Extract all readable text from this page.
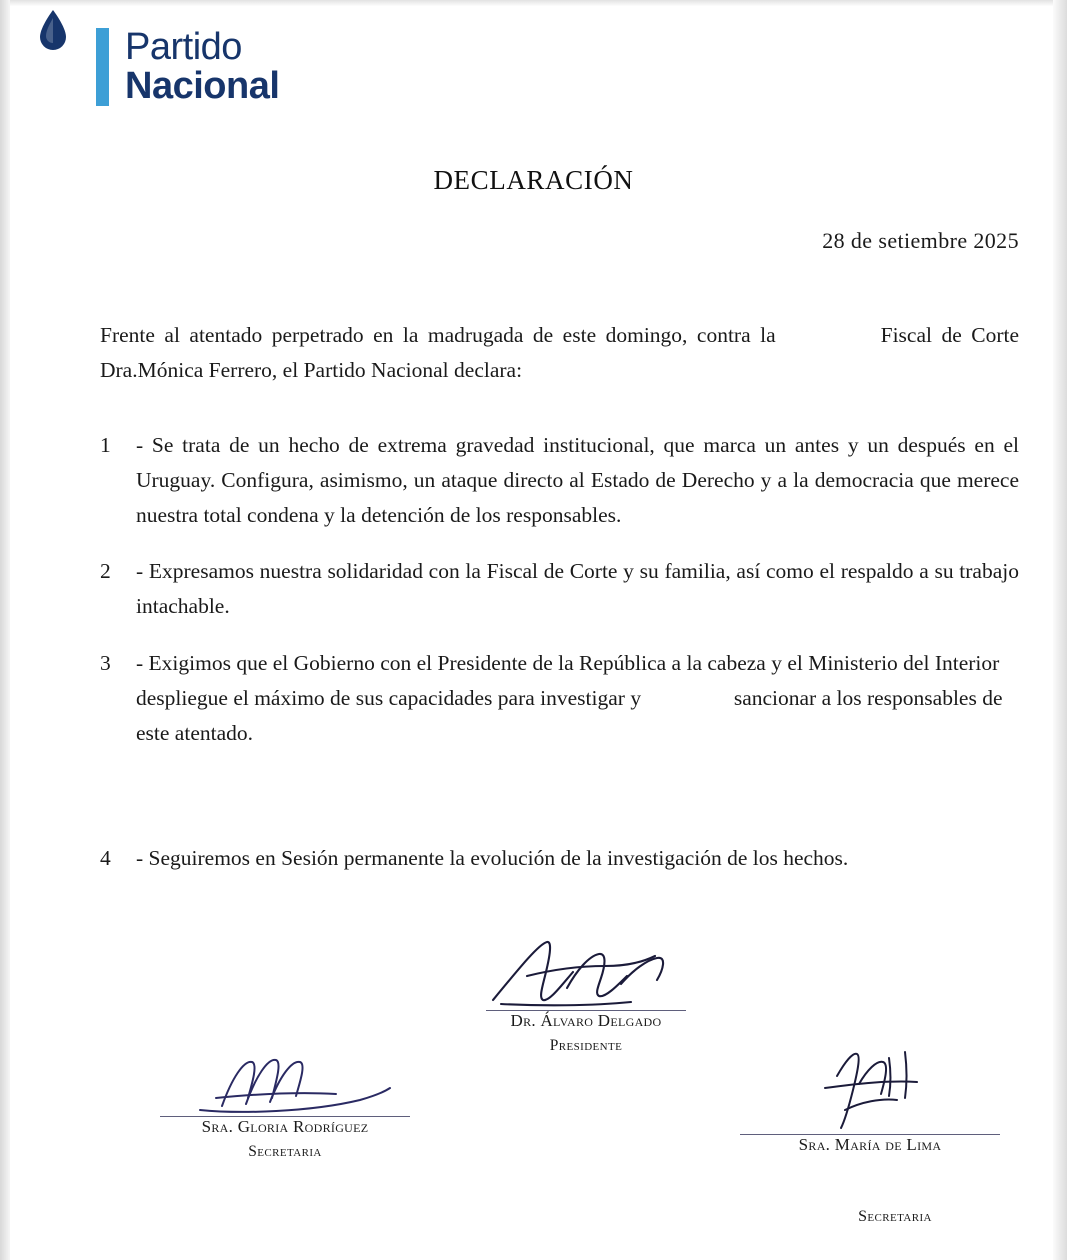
Partido
Nacional
DECLARACIÓN
28 de setiembre 2025
Frente al atentado perpetrado en la madrugada de este domingo, contra la	Fiscal de Corte Dra.Mónica Ferrero, el Partido Nacional declara:
1	- Se trata de un hecho de extrema gravedad institucional, que marca un antes y un después en el Uruguay. Configura, asimismo, un ataque directo al Estado de Derecho y a la democracia que merece nuestra total condena y la detención de los responsables.
2	- Expresamos nuestra solidaridad con la Fiscal de Corte y su familia, así como el respaldo a su trabajo intachable.
3	- Exigimos que el Gobierno con el Presidente de la República a la cabeza y el Ministerio del Interior despliegue el máximo de sus capacidades para investigar y	sancionar a los responsables de este atentado.
4	- Seguiremos en Sesión permanente la evolución de la investigación de los hechos.
Dr. Álvaro Delgado
Presidente
Sra. Gloria Rodríguez
Secretaria	Sra. María de Lima
Secretaria
